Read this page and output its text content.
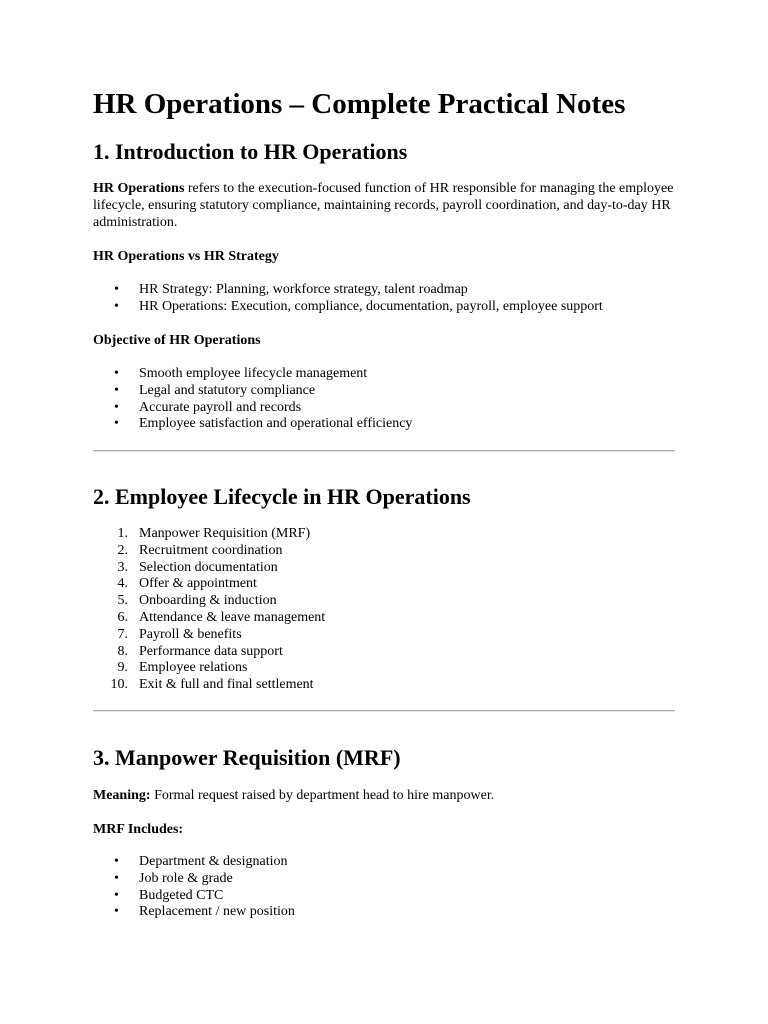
HR Operations – Complete Practical Notes
1. Introduction to HR Operations

HR Operations refers to the execution-focused function of HR responsible for managing the employee lifecycle, ensuring statutory compliance, maintaining records, payroll coordination, and day-to-day HR administration.

HR Operations vs HR Strategy
• HR Strategy: Planning, workforce strategy, talent roadmap
• HR Operations: Execution, compliance, documentation, payroll, employee support
Objective of HR Operations
• Smooth employee lifecycle management
• Legal and statutory compliance
• Accurate payroll and records
• Employee satisfaction and operational efficiency
2. Employee Lifecycle in HR Operations
1. Manpower Requisition (MRF)
2. Recruitment coordination
3. Selection documentation
4. Offer & appointment
5. Onboarding & induction
6. Attendance & leave management
7. Payroll & benefits
8. Performance data support
9. Employee relations
10. Exit & full and final settlement
3. Manpower Requisition (MRF)

Meaning: Formal request raised by department head to hire manpower.

MRF Includes:
• Department & designation
• Job role & grade
• Budgeted CTC
• Replacement / new position
